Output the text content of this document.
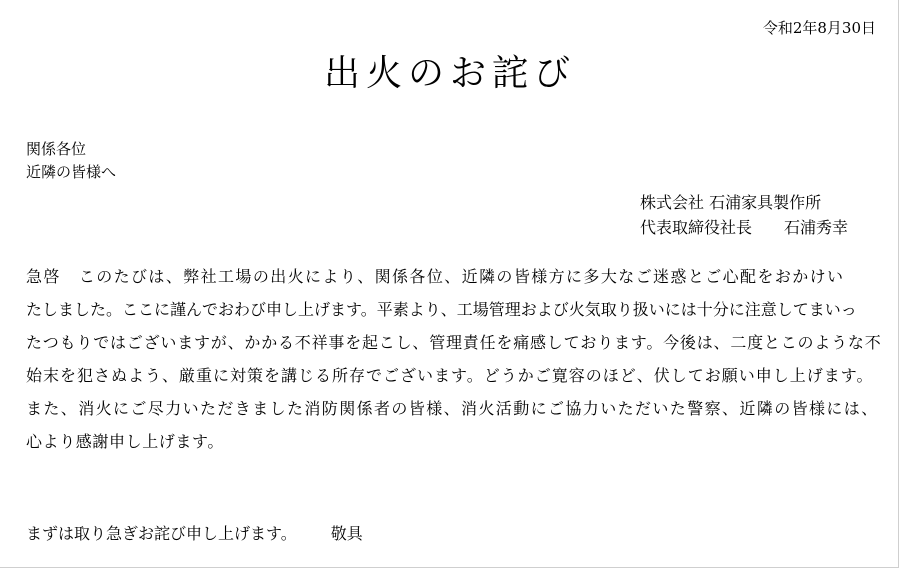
令和2年8月30日
出火のお詫び
関係各位
近隣の皆様へ
株式会社 石浦家具製作所
代表取締役社長 石浦秀幸
急啓 このたびは、弊社工場の出火により、関係各位、近隣の皆様方に多大なご迷惑とご心配をおかけい
たしました。ここに謹んでおわび申し上げます。平素より、工場管理および火気取り扱いには十分に注意してまいっ
たつもりではございますが、かかる不祥事を起こし、管理責任を痛感しております。今後は、二度とこのような不
始末を犯さぬよう、厳重に対策を講じる所存でございます。どうかご寛容のほど、伏してお願い申し上げます。
また、消火にご尽力いただきました消防関係者の皆様、消火活動にご協力いただいた警察、近隣の皆様には、
心より感謝申し上げます。
まずは取り急ぎお詫び申し上げます。 敬具
